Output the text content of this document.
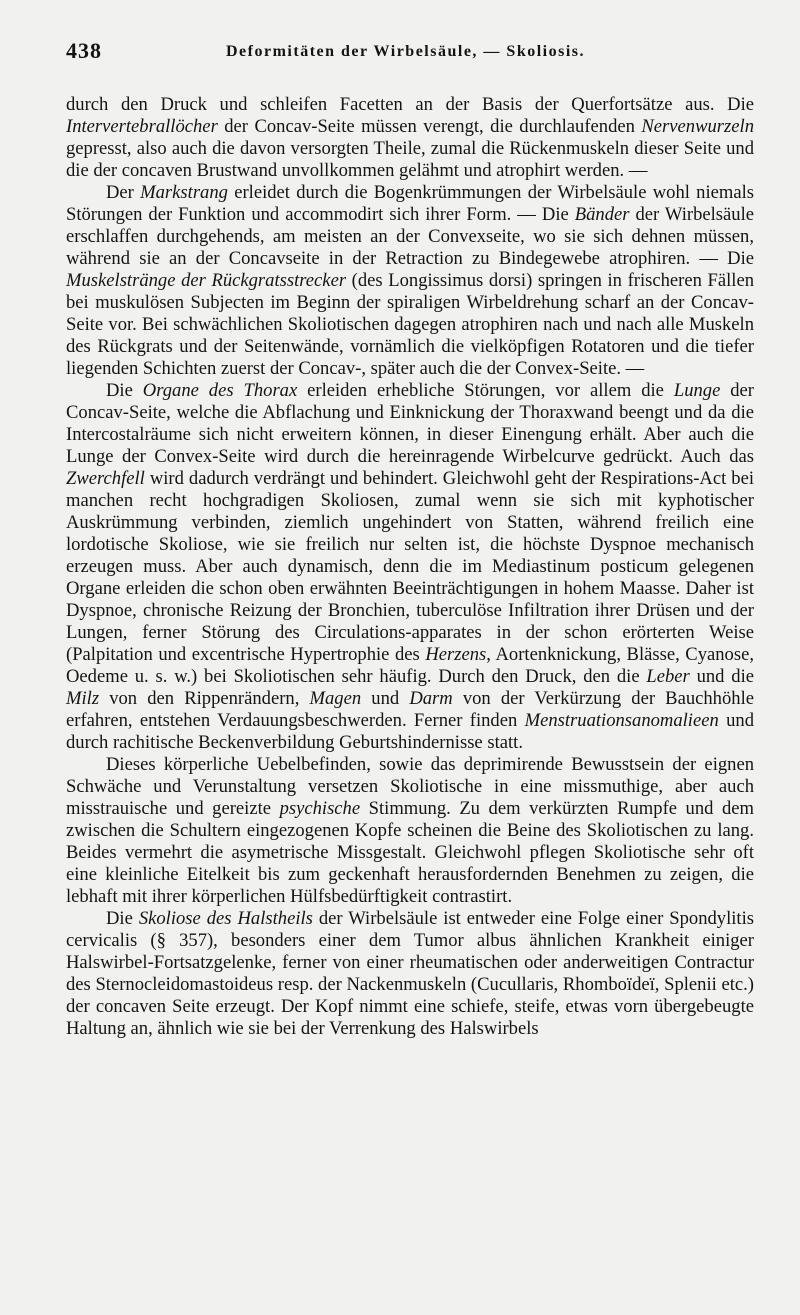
438	Deformitäten der Wirbelsäule, — Skoliosis.

durch den Druck und schleifen Facetten an der Basis der Querfortsätze aus. Die Intervertebrallöcher der Concav-Seite müssen verengt, die durchlaufenden Nervenwurzeln gepresst, also auch die davon versorgten Theile, zumal die Rückenmuskeln dieser Seite und die der concaven Brustwand unvollkommen gelähmt und atrophirt werden. —

Der Markstrang erleidet durch die Bogenkrümmungen der Wirbelsäule wohl niemals Störungen der Funktion und accommodirt sich ihrer Form. — Die Bänder der Wirbelsäule erschlaffen durchgehends, am meisten an der Convexseite, wo sie sich dehnen müssen, während sie an der Concavseite in der Retraction zu Bindegewebe atrophiren. — Die Muskelstränge der Rückgratsstrecker (des Longissimus dorsi) springen in frischeren Fällen bei muskulösen Subjecten im Beginn der spiraligen Wirbeldrehung scharf an der Concav-Seite vor. Bei schwächlichen Skoliotischen dagegen atrophiren nach und nach alle Muskeln des Rückgrats und der Seitenwände, vornämlich die vielköpfigen Rotatoren und die tiefer liegenden Schichten zuerst der Concav-, später auch die der Convex-Seite. —

Die Organe des Thorax erleiden erhebliche Störungen, vor allem die Lunge der Concav-Seite, welche die Abflachung und Einknickung der Thoraxwand beengt und da die Intercostalräume sich nicht erweitern können, in dieser Einengung erhält. Aber auch die Lunge der Convex-Seite wird durch die hereinragende Wirbelcurve gedrückt. Auch das Zwerchfell wird dadurch verdrängt und behindert. Gleichwohl geht der Respirations-Act bei manchen recht hochgradigen Skoliosen, zumal wenn sie sich mit kyphotischer Auskrümmung verbinden, ziemlich ungehindert von Statten, während freilich eine lordotische Skoliose, wie sie freilich nur selten ist, die höchste Dyspnoe mechanisch erzeugen muss. Aber auch dynamisch, denn die im Mediastinum posticum gelegenen Organe erleiden die schon oben erwähnten Beeinträchtigungen in hohem Maasse. Daher ist Dyspnoe, chronische Reizung der Bronchien, tuberculöse Infiltration ihrer Drüsen und der Lungen, ferner Störung des Circulations-apparates in der schon erörterten Weise (Palpitation und excentrische Hypertrophie des Herzens, Aortenknickung, Blässe, Cyanose, Oedeme u. s. w.) bei Skoliotischen sehr häufig. Durch den Druck, den die Leber und die Milz von den Rippenrändern, Magen und Darm von der Verkürzung der Bauchhöhle erfahren, entstehen Verdauungsbeschwerden. Ferner finden Menstruationsanomalieen und durch rachitische Beckenverbildung Geburtshindernisse statt.

Dieses körperliche Uebelbefinden, sowie das deprimirende Bewusstsein der eignen Schwäche und Verunstaltung versetzen Skoliotische in eine missmuthige, aber auch misstrauische und gereizte psychische Stimmung. Zu dem verkürzten Rumpfe und dem zwischen die Schultern eingezogenen Kopfe scheinen die Beine des Skoliotischen zu lang. Beides vermehrt die asymetrische Missgestalt. Gleichwohl pflegen Skoliotische sehr oft eine kleinliche Eitelkeit bis zum geckenhaft herausfordernden Benehmen zu zeigen, die lebhaft mit ihrer körperlichen Hülfsbedürftigkeit contrastirt.

Die Skoliose des Halstheils der Wirbelsäule ist entweder eine Folge einer Spondylitis cervicalis (§ 357), besonders einer dem Tumor albus ähnlichen Krankheit einiger Halswirbel-Fortsatzgelenke, ferner von einer rheumatischen oder anderweitigen Contractur des Sternocleidomastoideus resp. der Nackenmuskeln (Cucullaris, Rhomboïdeï, Splenii etc.) der concaven Seite erzeugt. Der Kopf nimmt eine schiefe, steife, etwas vorn übergebeugte Haltung an, ähnlich wie sie bei der Verrenkung des Halswirbels
